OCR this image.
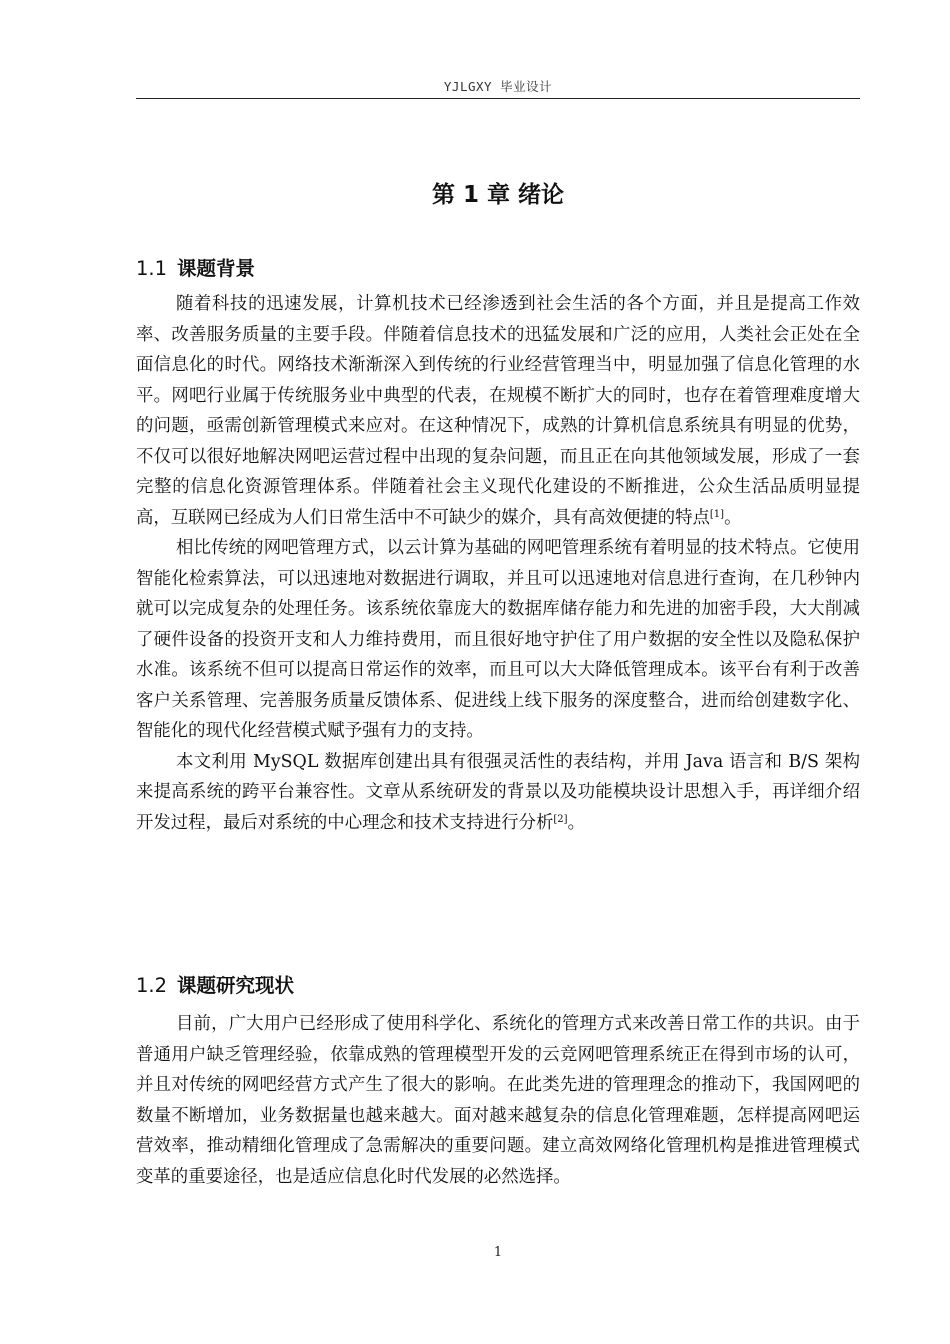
YJLGXY 毕业设计
第 1 章 绪论
1.1 课题背景

随着科技的迅速发展，计算机技术已经渗透到社会生活的各个方面，并且是提高工作效率、改善服务质量的主要手段。伴随着信息技术的迅猛发展和广泛的应用，人类社会正处在全面信息化的时代。网络技术渐渐深入到传统的行业经营管理当中，明显加强了信息化管理的水平。网吧行业属于传统服务业中典型的代表，在规模不断扩大的同时，也存在着管理难度增大的问题，亟需创新管理模式来应对。在这种情况下，成熟的计算机信息系统具有明显的优势，不仅可以很好地解决网吧运营过程中出现的复杂问题，而且正在向其他领域发展，形成了一套完整的信息化资源管理体系。伴随着社会主义现代化建设的不断推进，公众生活品质明显提高，互联网已经成为人们日常生活中不可缺少的媒介，具有高效便捷的特点[1]。

相比传统的网吧管理方式，以云计算为基础的网吧管理系统有着明显的技术特点。它使用智能化检索算法，可以迅速地对数据进行调取，并且可以迅速地对信息进行查询，在几秒钟内就可以完成复杂的处理任务。该系统依靠庞大的数据库储存能力和先进的加密手段，大大削减了硬件设备的投资开支和人力维持费用，而且很好地守护住了用户数据的安全性以及隐私保护水准。该系统不但可以提高日常运作的效率，而且可以大大降低管理成本。该平台有利于改善客户关系管理、完善服务质量反馈体系、促进线上线下服务的深度整合，进而给创建数字化、智能化的现代化经营模式赋予强有力的支持。

本文利用 MySQL 数据库创建出具有很强灵活性的表结构，并用 Java 语言和 B/S 架构来提高系统的跨平台兼容性。文章从系统研发的背景以及功能模块设计思想入手，再详细介绍开发过程，最后对系统的中心理念和技术支持进行分析[2]。

1.2 课题研究现状

目前，广大用户已经形成了使用科学化、系统化的管理方式来改善日常工作的共识。由于普通用户缺乏管理经验，依靠成熟的管理模型开发的云竞网吧管理系统正在得到市场的认可，并且对传统的网吧经营方式产生了很大的影响。在此类先进的管理理念的推动下，我国网吧的数量不断增加，业务数据量也越来越大。面对越来越复杂的信息化管理难题，怎样提高网吧运营效率，推动精细化管理成了急需解决的重要问题。建立高效网络化管理机构是推进管理模式变革的重要途径，也是适应信息化时代发展的必然选择。

1
